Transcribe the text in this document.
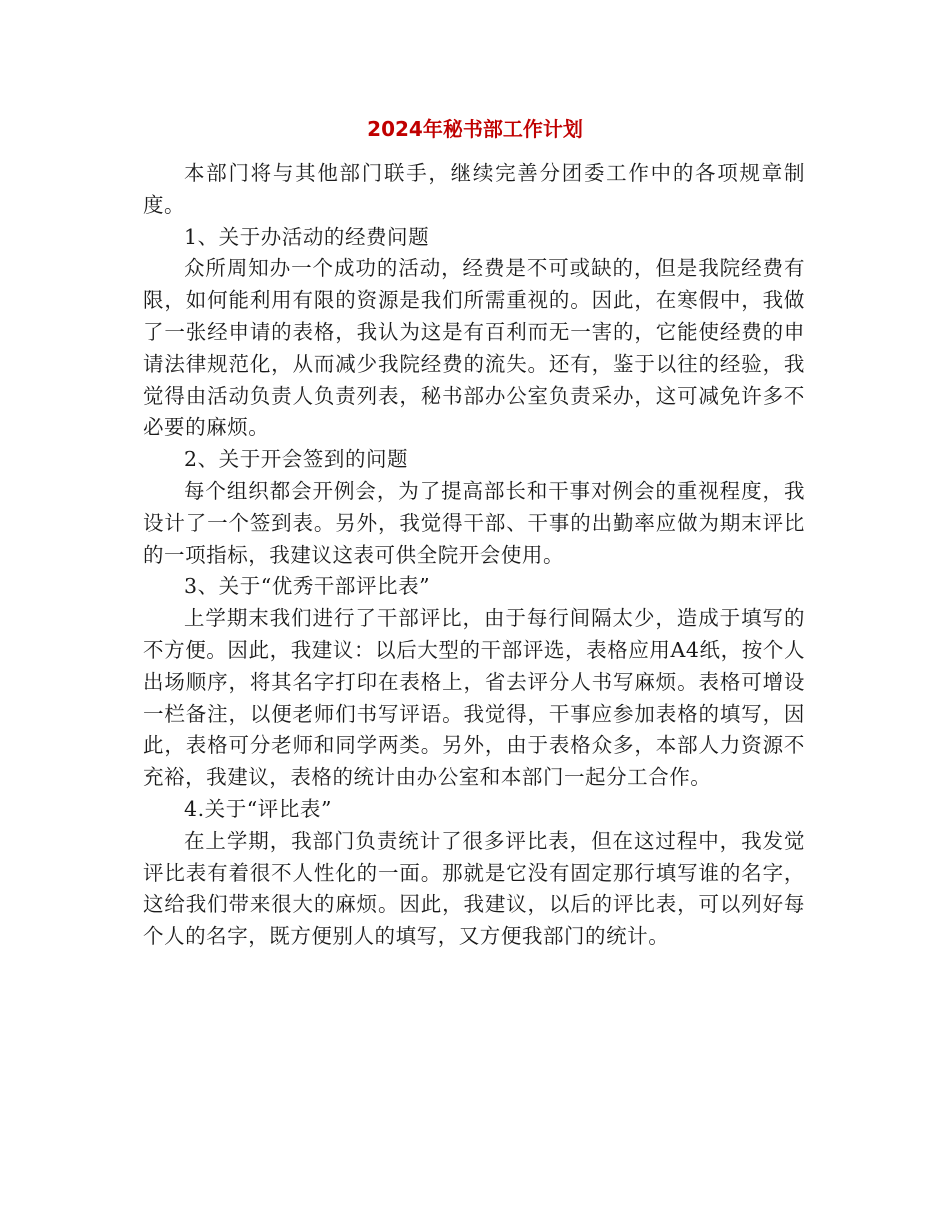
2024年秘书部工作计划

本部门将与其他部门联手，继续完善分团委工作中的各项规章制度。

1、关于办活动的经费问题

众所周知办一个成功的活动，经费是不可或缺的，但是我院经费有限，如何能利用有限的资源是我们所需重视的。因此，在寒假中，我做了一张经申请的表格，我认为这是有百利而无一害的，它能使经费的申请法律规范化，从而减少我院经费的流失。还有，鉴于以往的经验，我觉得由活动负责人负责列表，秘书部办公室负责采办，这可减免许多不必要的麻烦。

2、关于开会签到的问题

每个组织都会开例会，为了提高部长和干事对例会的重视程度，我设计了一个签到表。另外，我觉得干部、干事的出勤率应做为期末评比的一项指标，我建议这表可供全院开会使用。

3、关于“优秀干部评比表”

上学期末我们进行了干部评比，由于每行间隔太少，造成于填写的不方便。因此，我建议：以后大型的干部评选，表格应用A4纸，按个人出场顺序，将其名字打印在表格上，省去评分人书写麻烦。表格可增设一栏备注，以便老师们书写评语。我觉得，干事应参加表格的填写，因此，表格可分老师和同学两类。另外，由于表格众多，本部人力资源不充裕，我建议，表格的统计由办公室和本部门一起分工合作。

4.关于“评比表”

在上学期，我部门负责统计了很多评比表，但在这过程中，我发觉评比表有着很不人性化的一面。那就是它没有固定那行填写谁的名字，这给我们带来很大的麻烦。因此，我建议，以后的评比表，可以列好每个人的名字，既方便别人的填写，又方便我部门的统计。
